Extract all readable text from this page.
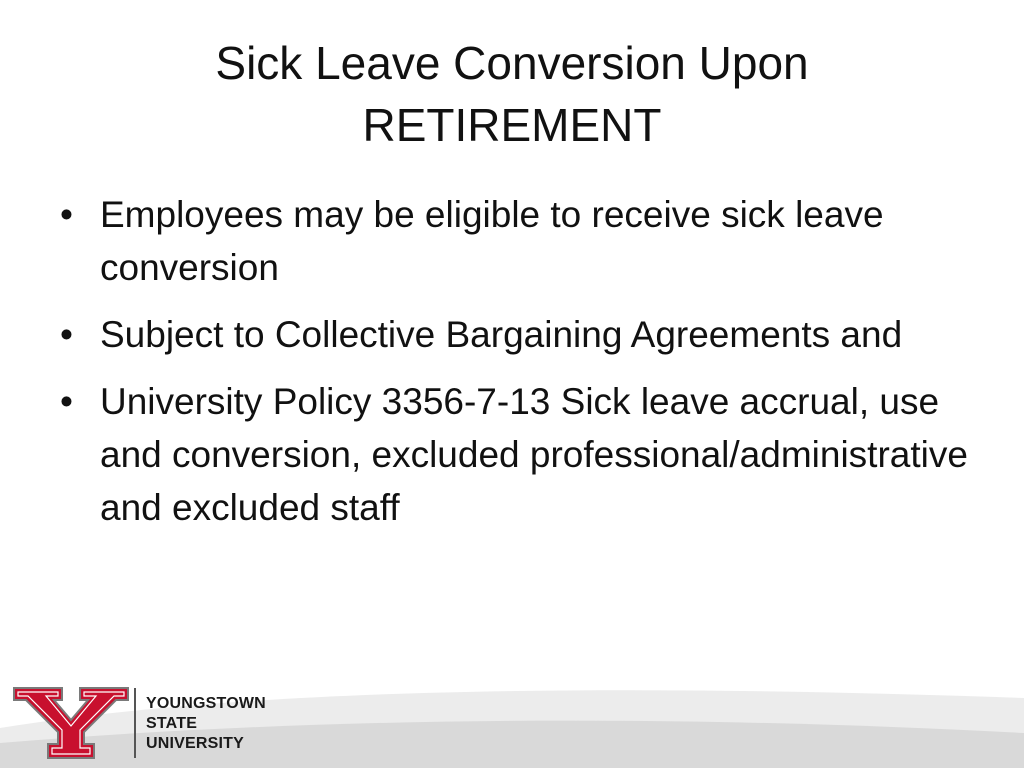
Sick Leave Conversion Upon
RETIREMENT
• Employees may be eligible to receive sick leave conversion
• Subject to Collective Bargaining Agreements and
• University Policy 3356-7-13 Sick leave accrual, use and conversion, excluded professional/administrative and excluded staff
YOUNGSTOWN
STATE
UNIVERSITY
